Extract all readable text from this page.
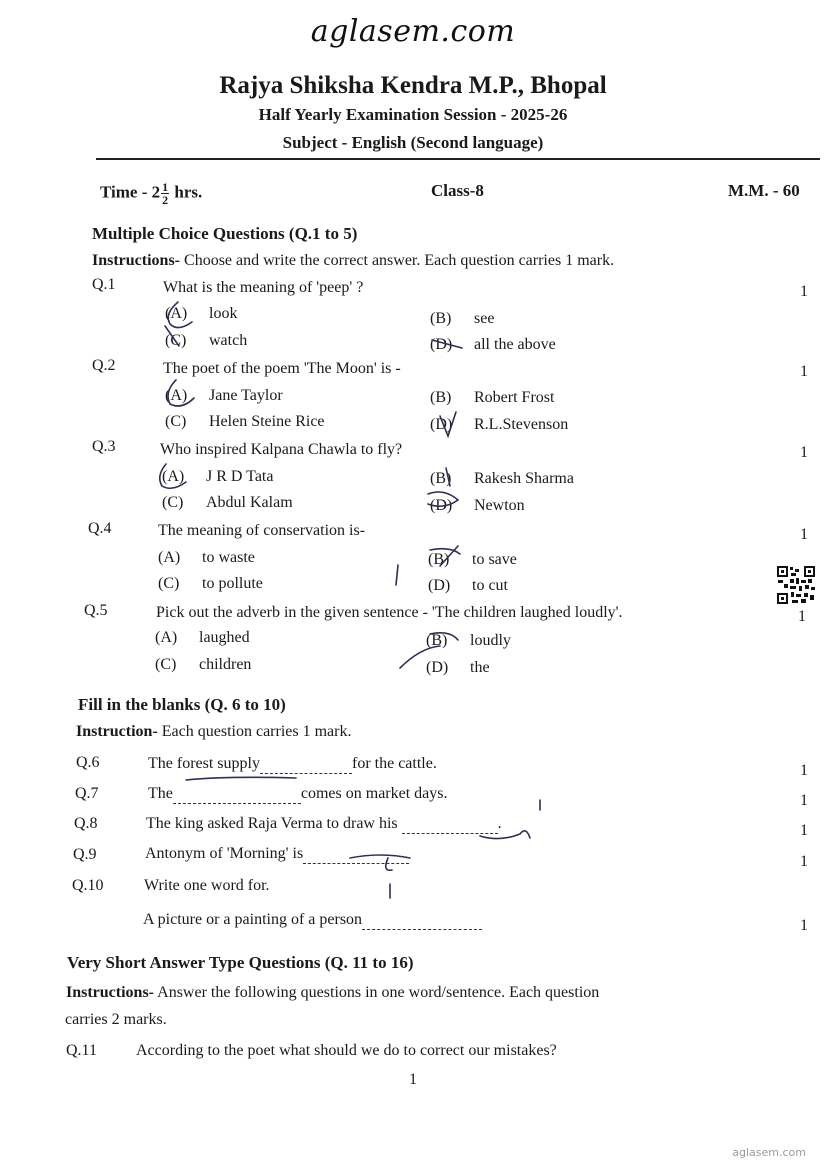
aglasem.com
Rajya Shiksha Kendra M.P., Bhopal
Half Yearly Examination Session - 2025-26
Subject - English (Second language)
Time - $2 \frac{1}{2}$ hrs.	Class-8	M.M. - 60
Multiple Choice Questions (Q.1 to 5)
Instructions- Choose and write the correct answer. Each question carries 1 mark.
Q.1	What is the meaning of 'peep' ?	1
(A) look	(B) see
(C) watch	(D) all the above
Q.2	The poet of the poem 'The Moon' is -	1
(A) Jane Taylor	(B) Robert Frost
(C) Helen Steine Rice	(D) R.L.Stevenson
Q.3	Who inspired Kalpana Chawla to fly?	1
(A) J R D Tata	(B) Rakesh Sharma
(C) Abdul Kalam	(D) Newton
Q.4	The meaning of conservation is-	1
(A) to waste	(B) to save
(C) to pollute	(D) to cut
Q.5	Pick out the adverb in the given sentence - 'The children laughed loudly'.	1
(A) laughed	(B) loudly
(C) children	(D) the
Fill in the blanks (Q. 6 to 10)
Instruction- Each question carries 1 mark.
Q.6	The forest supply	for the cattle.	1
Q.7	The	comes on market days.	1
Q.8	The king asked Raja Verma to draw his	.	1
Q.9	Antonym of 'Morning' is	1
Q.10	Write one word for.
A picture or a painting of a person	1
Very Short Answer Type Questions (Q. 11 to 16)
Instructions- Answer the following questions in one word/sentence. Each question
carries 2 marks.
Q.11 According to the poet what should we do to correct our mistakes?
1
aglasem.com
